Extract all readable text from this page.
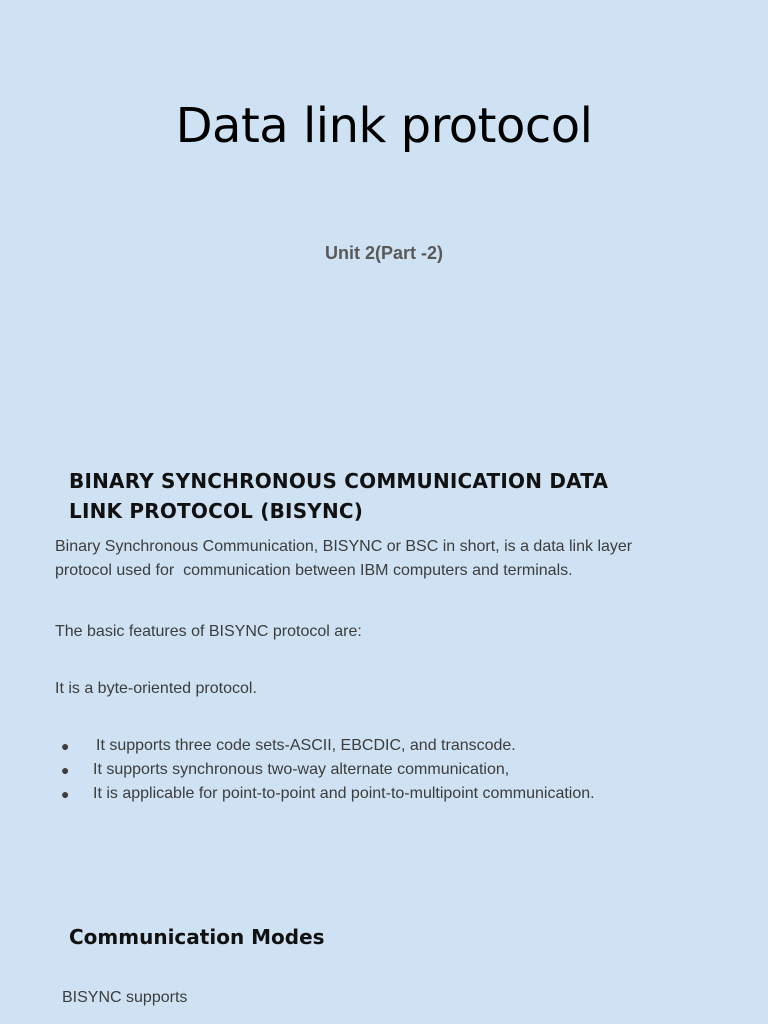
Data link protocol
Unit 2(Part -2)
BINARY SYNCHRONOUS COMMUNICATION DATA
LINK PROTOCOL (BISYNC)
Binary Synchronous Communication, BISYNC or BSC in short, is a data link layer
protocol used for  communication between IBM computers and terminals.
The basic features of BISYNC protocol are:
It is a byte-oriented protocol.
● It supports three code sets-ASCII, EBCDIC, and transcode.
● It supports synchronous two-way alternate communication,
● It is applicable for point-to-point and point-to-multipoint communication.
Communication Modes
BISYNC supports
